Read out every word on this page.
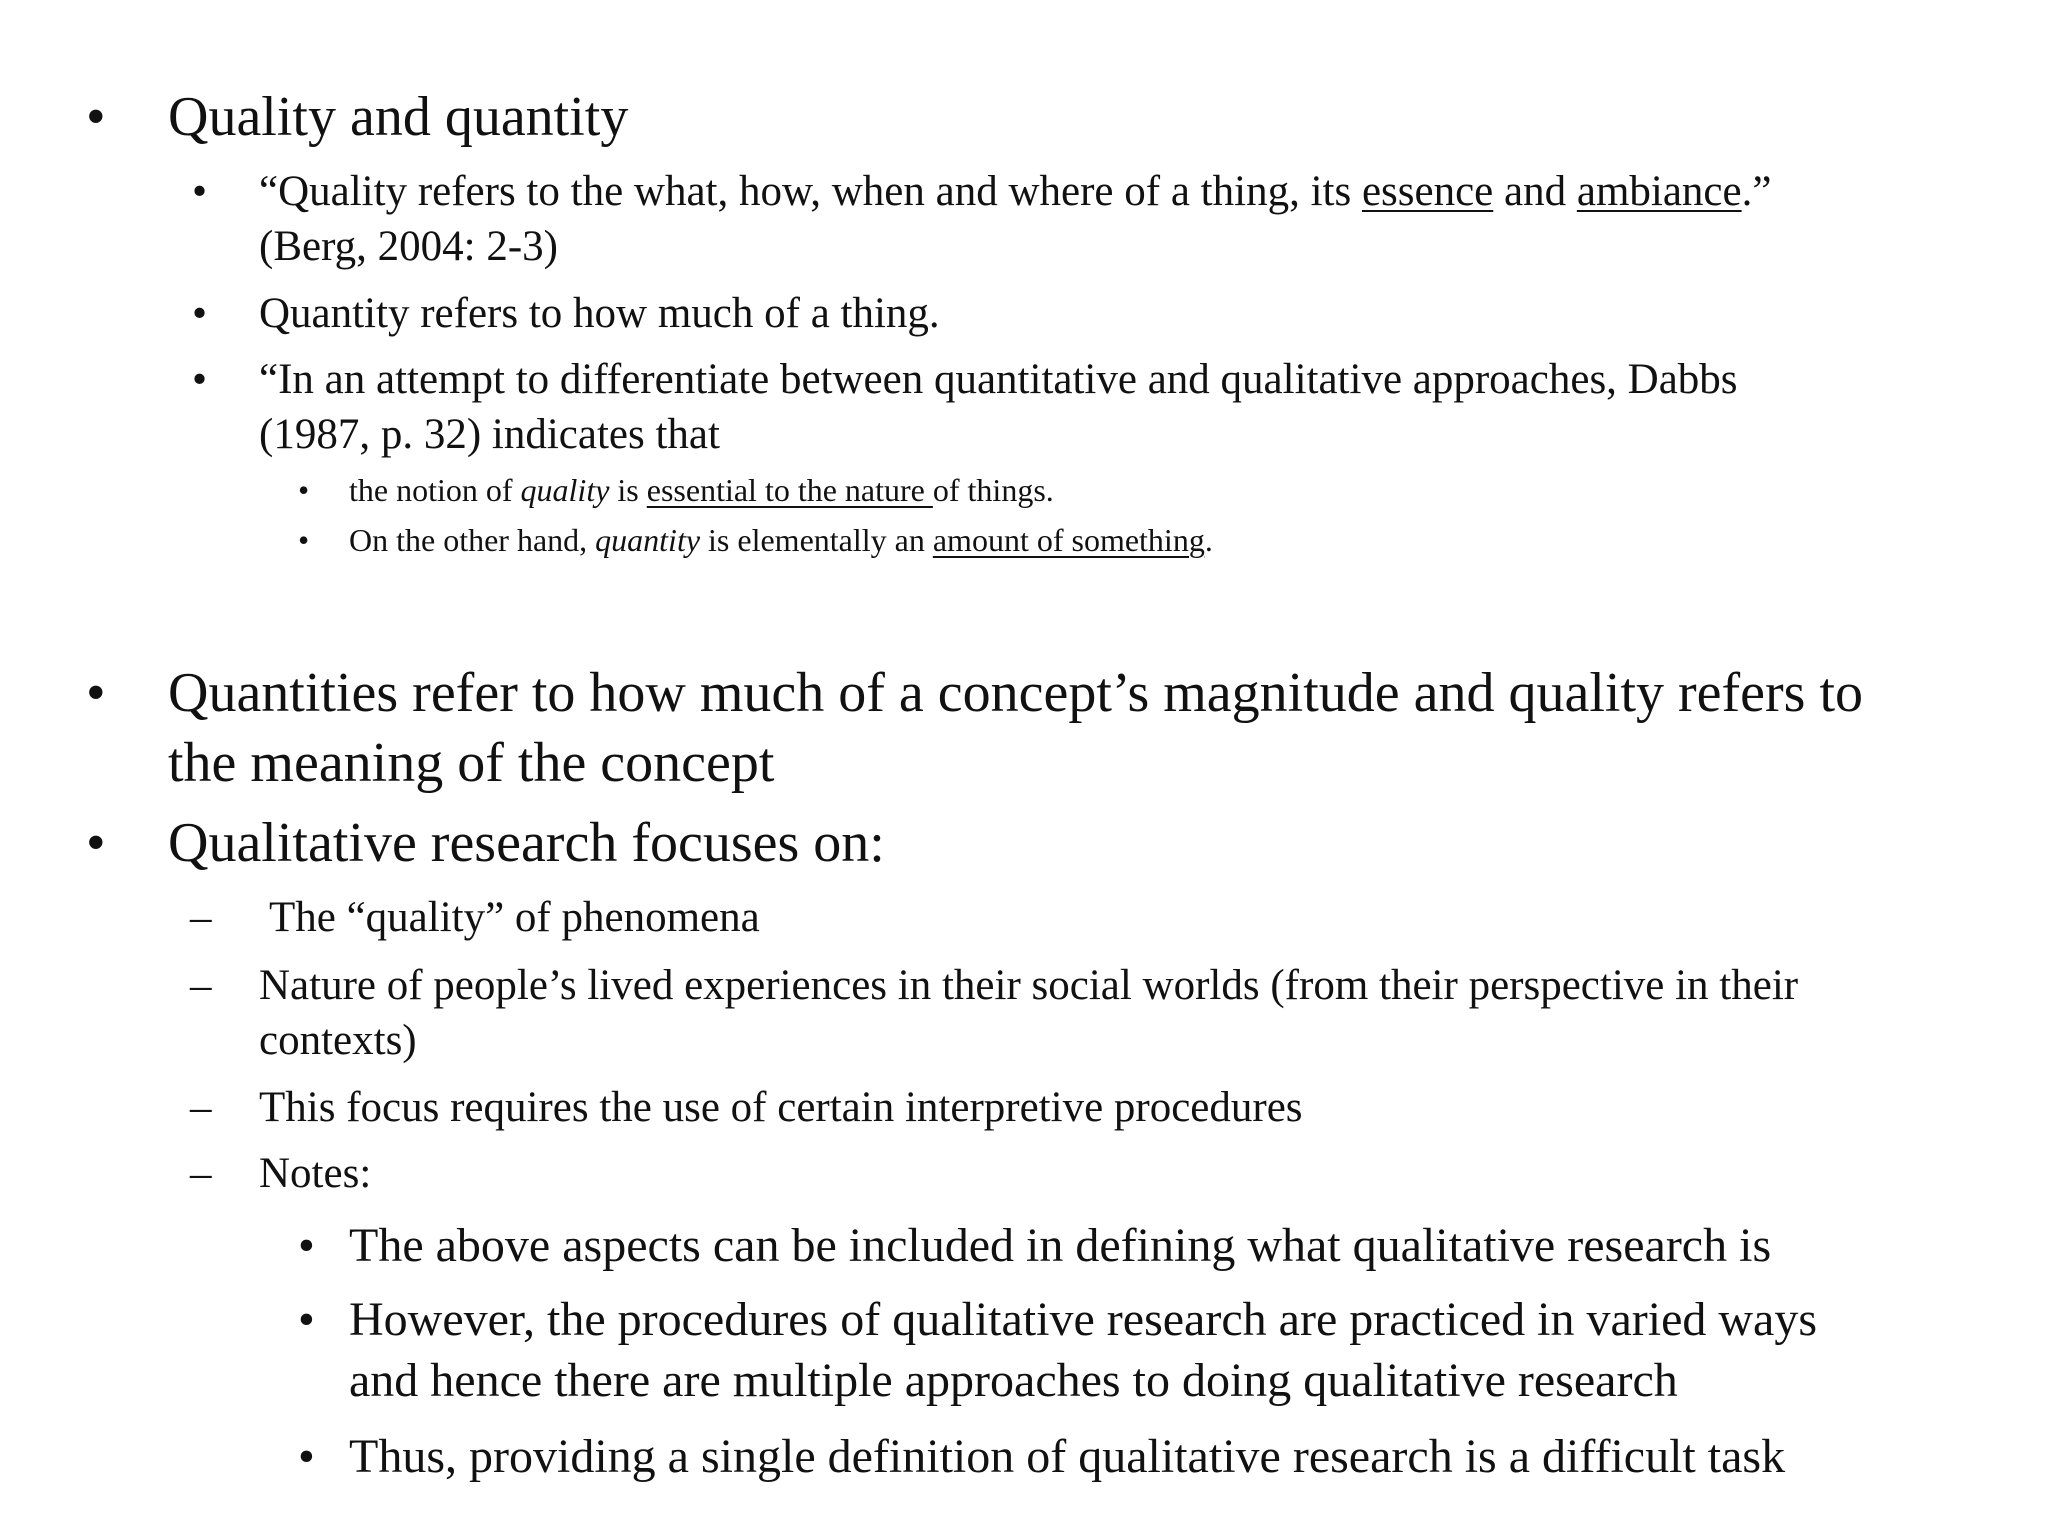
• Quality and quantity
• “Quality refers to the what, how, when and where of a thing, its essence and ambiance.”
(Berg, 2004: 2-3)
• Quantity refers to how much of a thing.
• “In an attempt to differentiate between quantitative and qualitative approaches, Dabbs
(1987, p. 32) indicates that
• the notion of quality is essential to the nature of things.
• On the other hand, quantity is elementally an amount of something.
• Quantities refer to how much of a concept’s magnitude and quality refers to
the meaning of the concept
• Qualitative research focuses on:
– The “quality” of phenomena
– Nature of people’s lived experiences in their social worlds (from their perspective in their
contexts)
– This focus requires the use of certain interpretive procedures
– Notes:
• The above aspects can be included in defining what qualitative research is
• However, the procedures of qualitative research are practiced in varied ways
and hence there are multiple approaches to doing qualitative research
• Thus, providing a single definition of qualitative research is a difficult task
